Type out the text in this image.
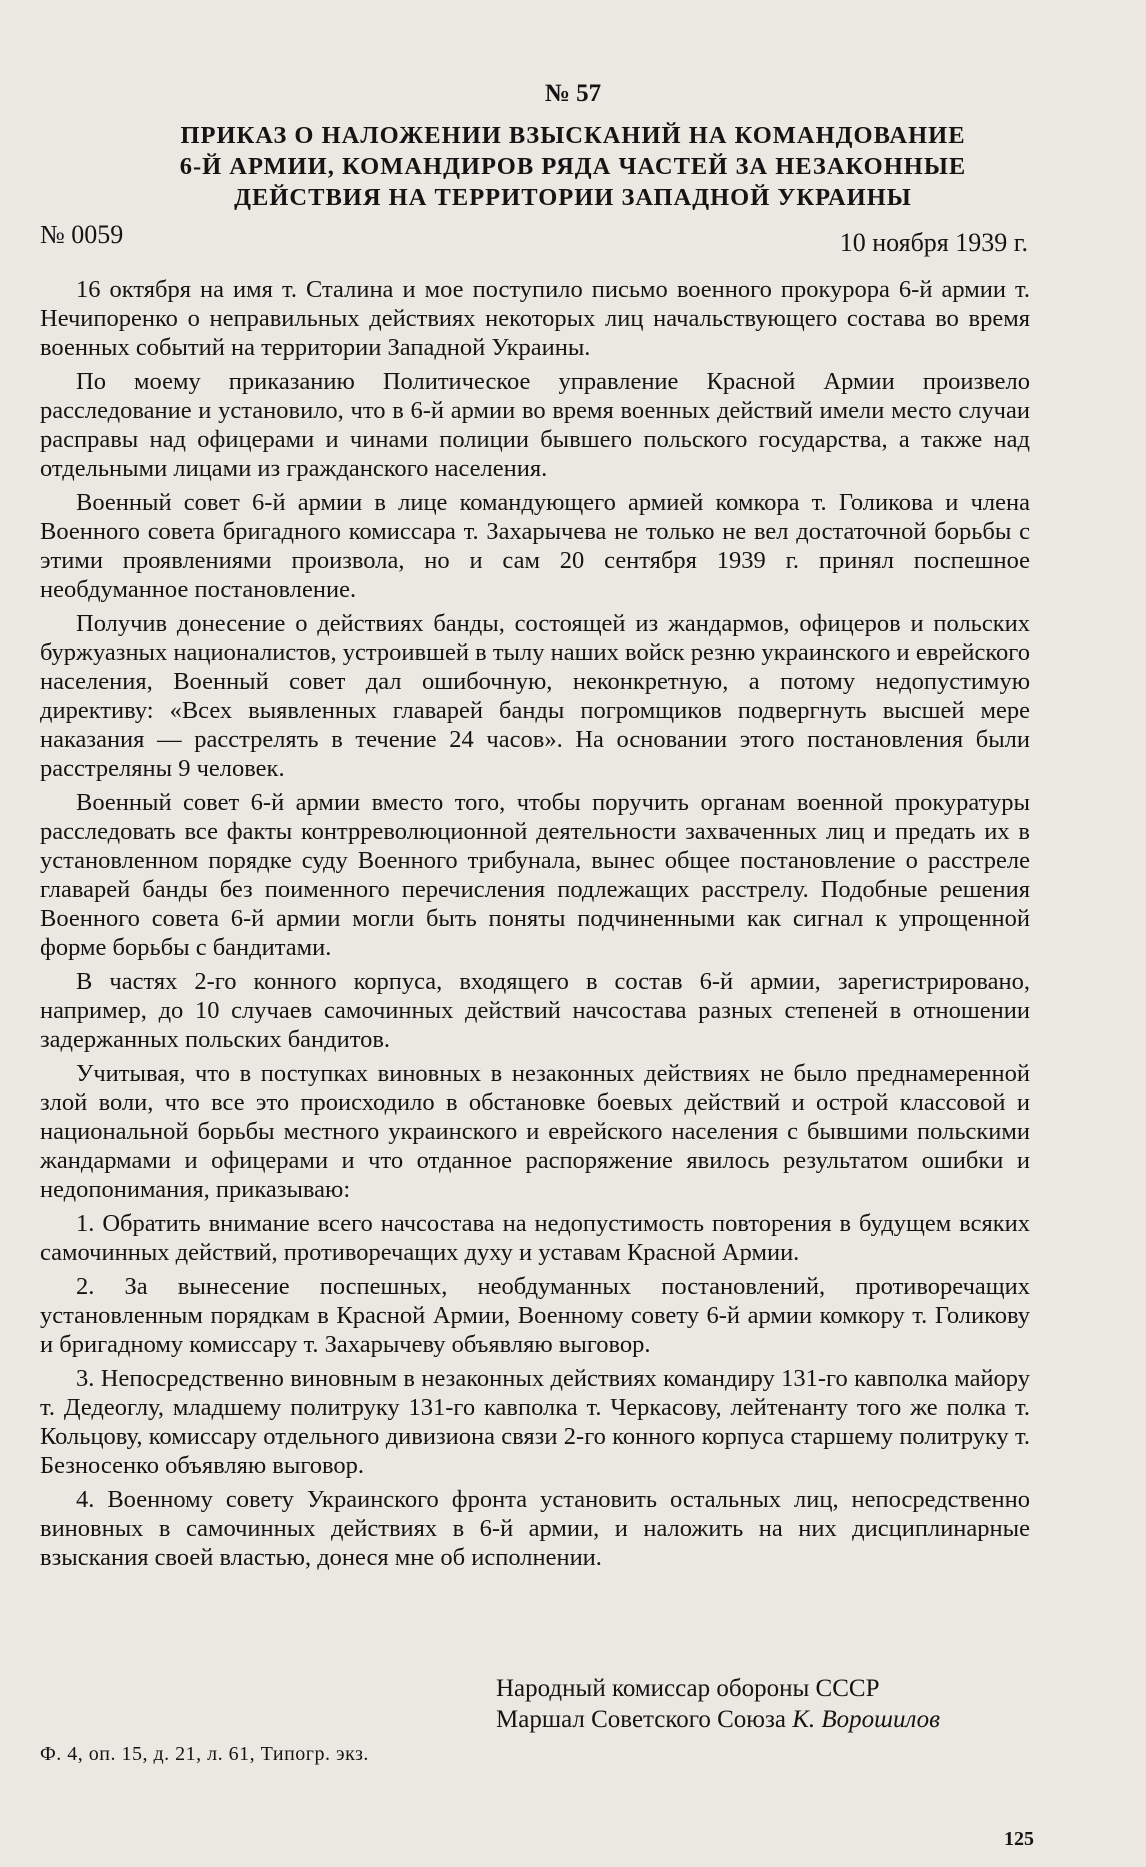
№ 57
ПРИКАЗ О НАЛОЖЕНИИ ВЗЫСКАНИЙ НА КОМАНДОВАНИЕ
6-Й АРМИИ, КОМАНДИРОВ РЯДА ЧАСТЕЙ ЗА НЕЗАКОННЫЕ
ДЕЙСТВИЯ НА ТЕРРИТОРИИ ЗАПАДНОЙ УКРАИНЫ
№ 0059	10 ноября 1939 г.

16 октября на имя т. Сталина и мое поступило письмо военного прокурора 6-й армии т. Нечипоренко о неправильных действиях некоторых лиц начальствующего состава во время военных событий на территории Западной Украины.

По моему приказанию Политическое управление Красной Армии произвело расследование и установило, что в 6-й армии во время военных действий имели место случаи расправы над офицерами и чинами полиции бывшего польского государства, а также над отдельными лицами из гражданского населения.

Военный совет 6-й армии в лице командующего армией комкора т. Голикова и члена Военного совета бригадного комиссара т. Захарычева не только не вел достаточной борьбы с этими проявлениями произвола, но и сам 20 сентября 1939 г. принял поспешное необдуманное постановление.

Получив донесение о действиях банды, состоящей из жандармов, офицеров и польских буржуазных националистов, устроившей в тылу наших войск резню украинского и еврейского населения, Военный совет дал ошибочную, неконкретную, а потому недопустимую директиву: «Всех выявленных главарей банды погромщиков подвергнуть высшей мере наказания — расстрелять в течение 24 часов». На основании этого постановления были расстреляны 9 человек.

Военный совет 6-й армии вместо того, чтобы поручить органам военной прокуратуры расследовать все факты контрреволюционной деятельности захваченных лиц и предать их в установленном порядке суду Военного трибунала, вынес общее постановление о расстреле главарей банды без поименного перечисления подлежащих расстрелу. Подобные решения Военного совета 6-й армии могли быть поняты подчиненными как сигнал к упрощенной форме борьбы с бандитами.

В частях 2-го конного корпуса, входящего в состав 6-й армии, зарегистрировано, например, до 10 случаев самочинных действий начсостава разных степеней в отношении задержанных польских бандитов.

Учитывая, что в поступках виновных в незаконных действиях не было преднамеренной злой воли, что все это происходило в обстановке боевых действий и острой классовой и национальной борьбы местного украинского и еврейского населения с бывшими польскими жандармами и офицерами и что отданное распоряжение явилось результатом ошибки и недопонимания, приказываю:

1. Обратить внимание всего начсостава на недопустимость повторения в будущем всяких самочинных действий, противоречащих духу и уставам Красной Армии.

2. За вынесение поспешных, необдуманных постановлений, противоречащих установленным порядкам в Красной Армии, Военному совету 6-й армии комкору т. Голикову и бригадному комиссару т. Захарычеву объявляю выговор.

3. Непосредственно виновным в незаконных действиях командиру 131-го кавполка майору т. Дедеоглу, младшему политруку 131-го кавполка т. Черкасову, лейтенанту того же полка т. Кольцову, комиссару отдельного дивизиона связи 2-го конного корпуса старшему политруку т. Безносенко объявляю выговор.

4. Военному совету Украинского фронта установить остальных лиц, непосредственно виновных в самочинных действиях в 6-й армии, и наложить на них дисциплинарные взыскания своей властью, донеся мне об исполнении.

Народный комиссар обороны СССР
Маршал Советского Союза К. Ворошилов
Ф. 4, оп. 15, д. 21, л. 61, Типогр. экз.
125
